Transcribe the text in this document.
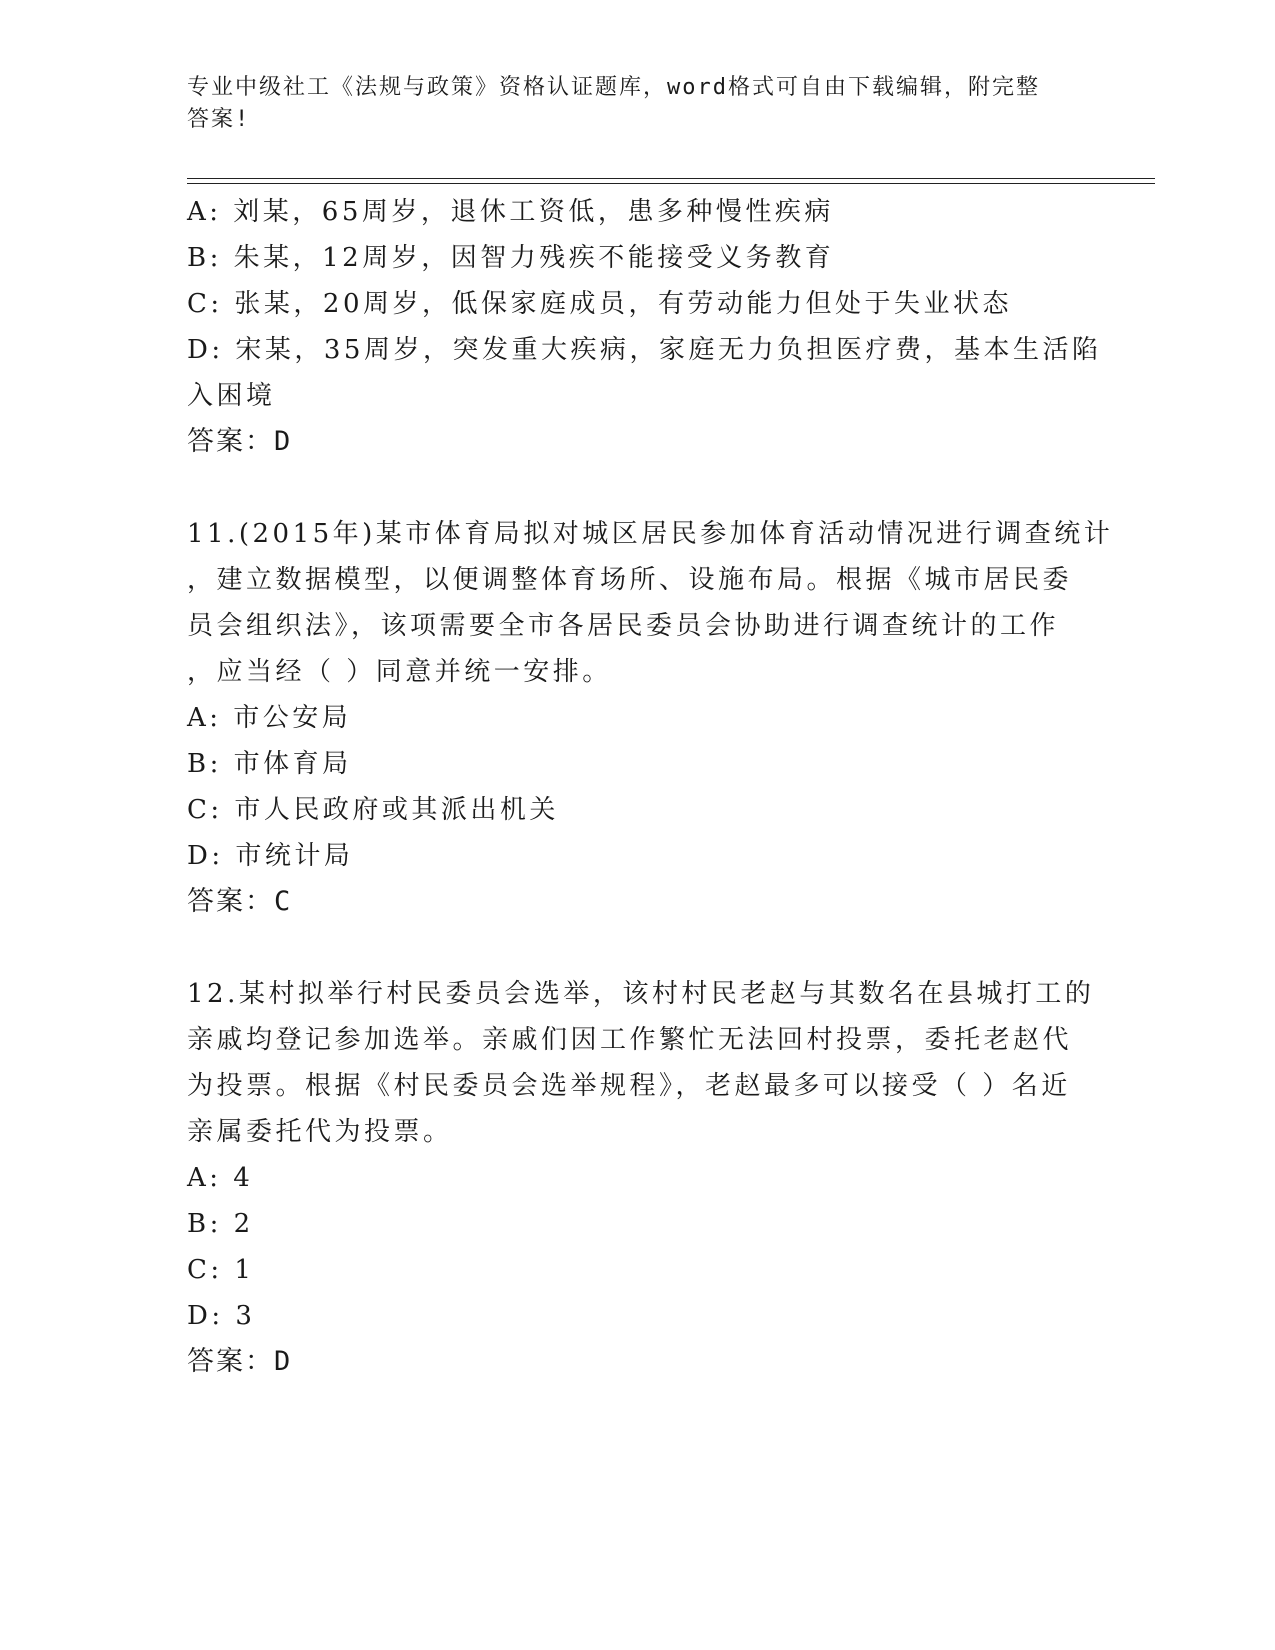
专业中级社工《法规与政策》资格认证题库，word格式可自由下载编辑，附完整
答案!
A: 刘某，65周岁，退休工资低，患多种慢性疾病
B: 朱某，12周岁，因智力残疾不能接受义务教育
C: 张某，20周岁，低保家庭成员，有劳动能力但处于失业状态
D: 宋某，35周岁，突发重大疾病，家庭无力负担医疗费，基本生活陷
入困境
答案：D
11.(2015年)某市体育局拟对城区居民参加体育活动情况进行调查统计
，建立数据模型，以便调整体育场所、设施布局。根据《城市居民委
员会组织法》，该项需要全市各居民委员会协助进行调查统计的工作
，应当经（ ）同意并统一安排。
A: 市公安局
B: 市体育局
C: 市人民政府或其派出机关
D: 市统计局
答案：C
12.某村拟举行村民委员会选举，该村村民老赵与其数名在县城打工的
亲戚均登记参加选举。亲戚们因工作繁忙无法回村投票，委托老赵代
为投票。根据《村民委员会选举规程》，老赵最多可以接受（ ）名近
亲属委托代为投票。
A: 4
B: 2
C: 1
D: 3
答案：D
